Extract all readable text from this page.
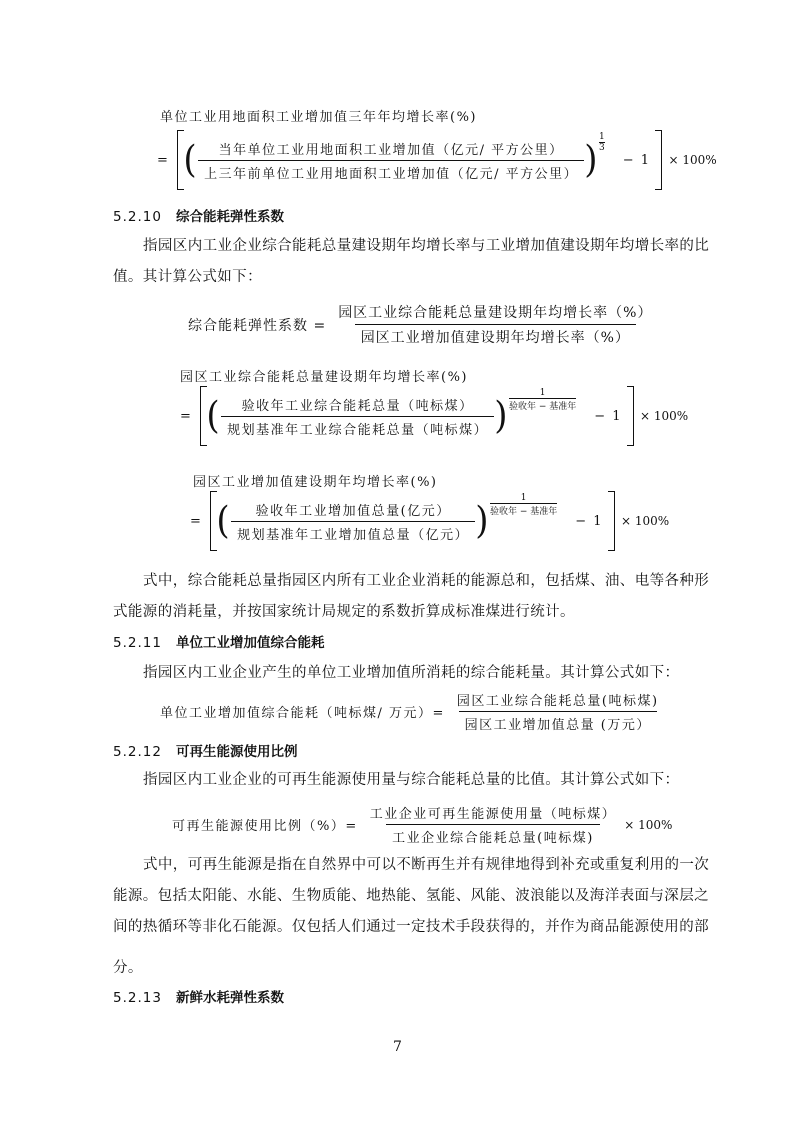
单位工业用地面积工业增加值三年年均增长率(%)
= ( $\frac{\text{当年单位工业用地面积工业增加值（亿元/ 平方公里）}}{\text{上三年前单位工业用地面积工业增加值（亿元/ 平方公里）}}$ )
1
3
− 1 × 100%
5.2.10 综合能耗弹性系数
指园区内工业企业综合能耗总量建设期年均增长率与工业增加值建设期年均增长率的比
值。其计算公式如下：
综合能耗弹性系数 = $\frac{\text{园区工业综合能耗总量建设期年均增长率（\%）}}{\text{园区工业增加值建设期年均增长率（\%）}}$
园区工业综合能耗总量建设期年均增长率(%)
= ( $\frac{\text{验收年工业综合能耗总量（吨标煤）}}{\text{规划基准年工业综合能耗总量（吨标煤）}}$ )
1
验收年 − 基准年
− 1 × 100%
园区工业增加值建设期年均增长率(%)
= ( $\frac{\text{验收年工业增加值总量(亿元）}}{\text{规划基准年工业增加值总量（亿元）}}$ )
1
验收年 − 基准年
− 1 × 100%
式中，综合能耗总量指园区内所有工业企业消耗的能源总和，包括煤、油、电等各种形
式能源的消耗量，并按国家统计局规定的系数折算成标准煤进行统计。
5.2.11 单位工业增加值综合能耗
指园区内工业企业产生的单位工业增加值所消耗的综合能耗量。其计算公式如下：
单位工业增加值综合能耗（吨标煤/ 万元）= $\frac{\text{园区工业综合能耗总量(吨标煤)}}{\text{园区工业增加值总量 (万元）}}$
5.2.12 可再生能源使用比例
指园区内工业企业的可再生能源使用量与综合能耗总量的比值。其计算公式如下：
可再生能源使用比例（%）= $\frac{\text{工业企业可再生能源使用量（吨标煤）}}{\text{工业企业综合能耗总量(吨标煤)}} \times 100\%$
式中，可再生能源是指在自然界中可以不断再生并有规律地得到补充或重复利用的一次
能源。包括太阳能、水能、生物质能、地热能、氢能、风能、波浪能以及海洋表面与深层之
间的热循环等非化石能源。仅包括人们通过一定技术手段获得的，并作为商品能源使用的部
分。
5.2.13 新鲜水耗弹性系数
7
